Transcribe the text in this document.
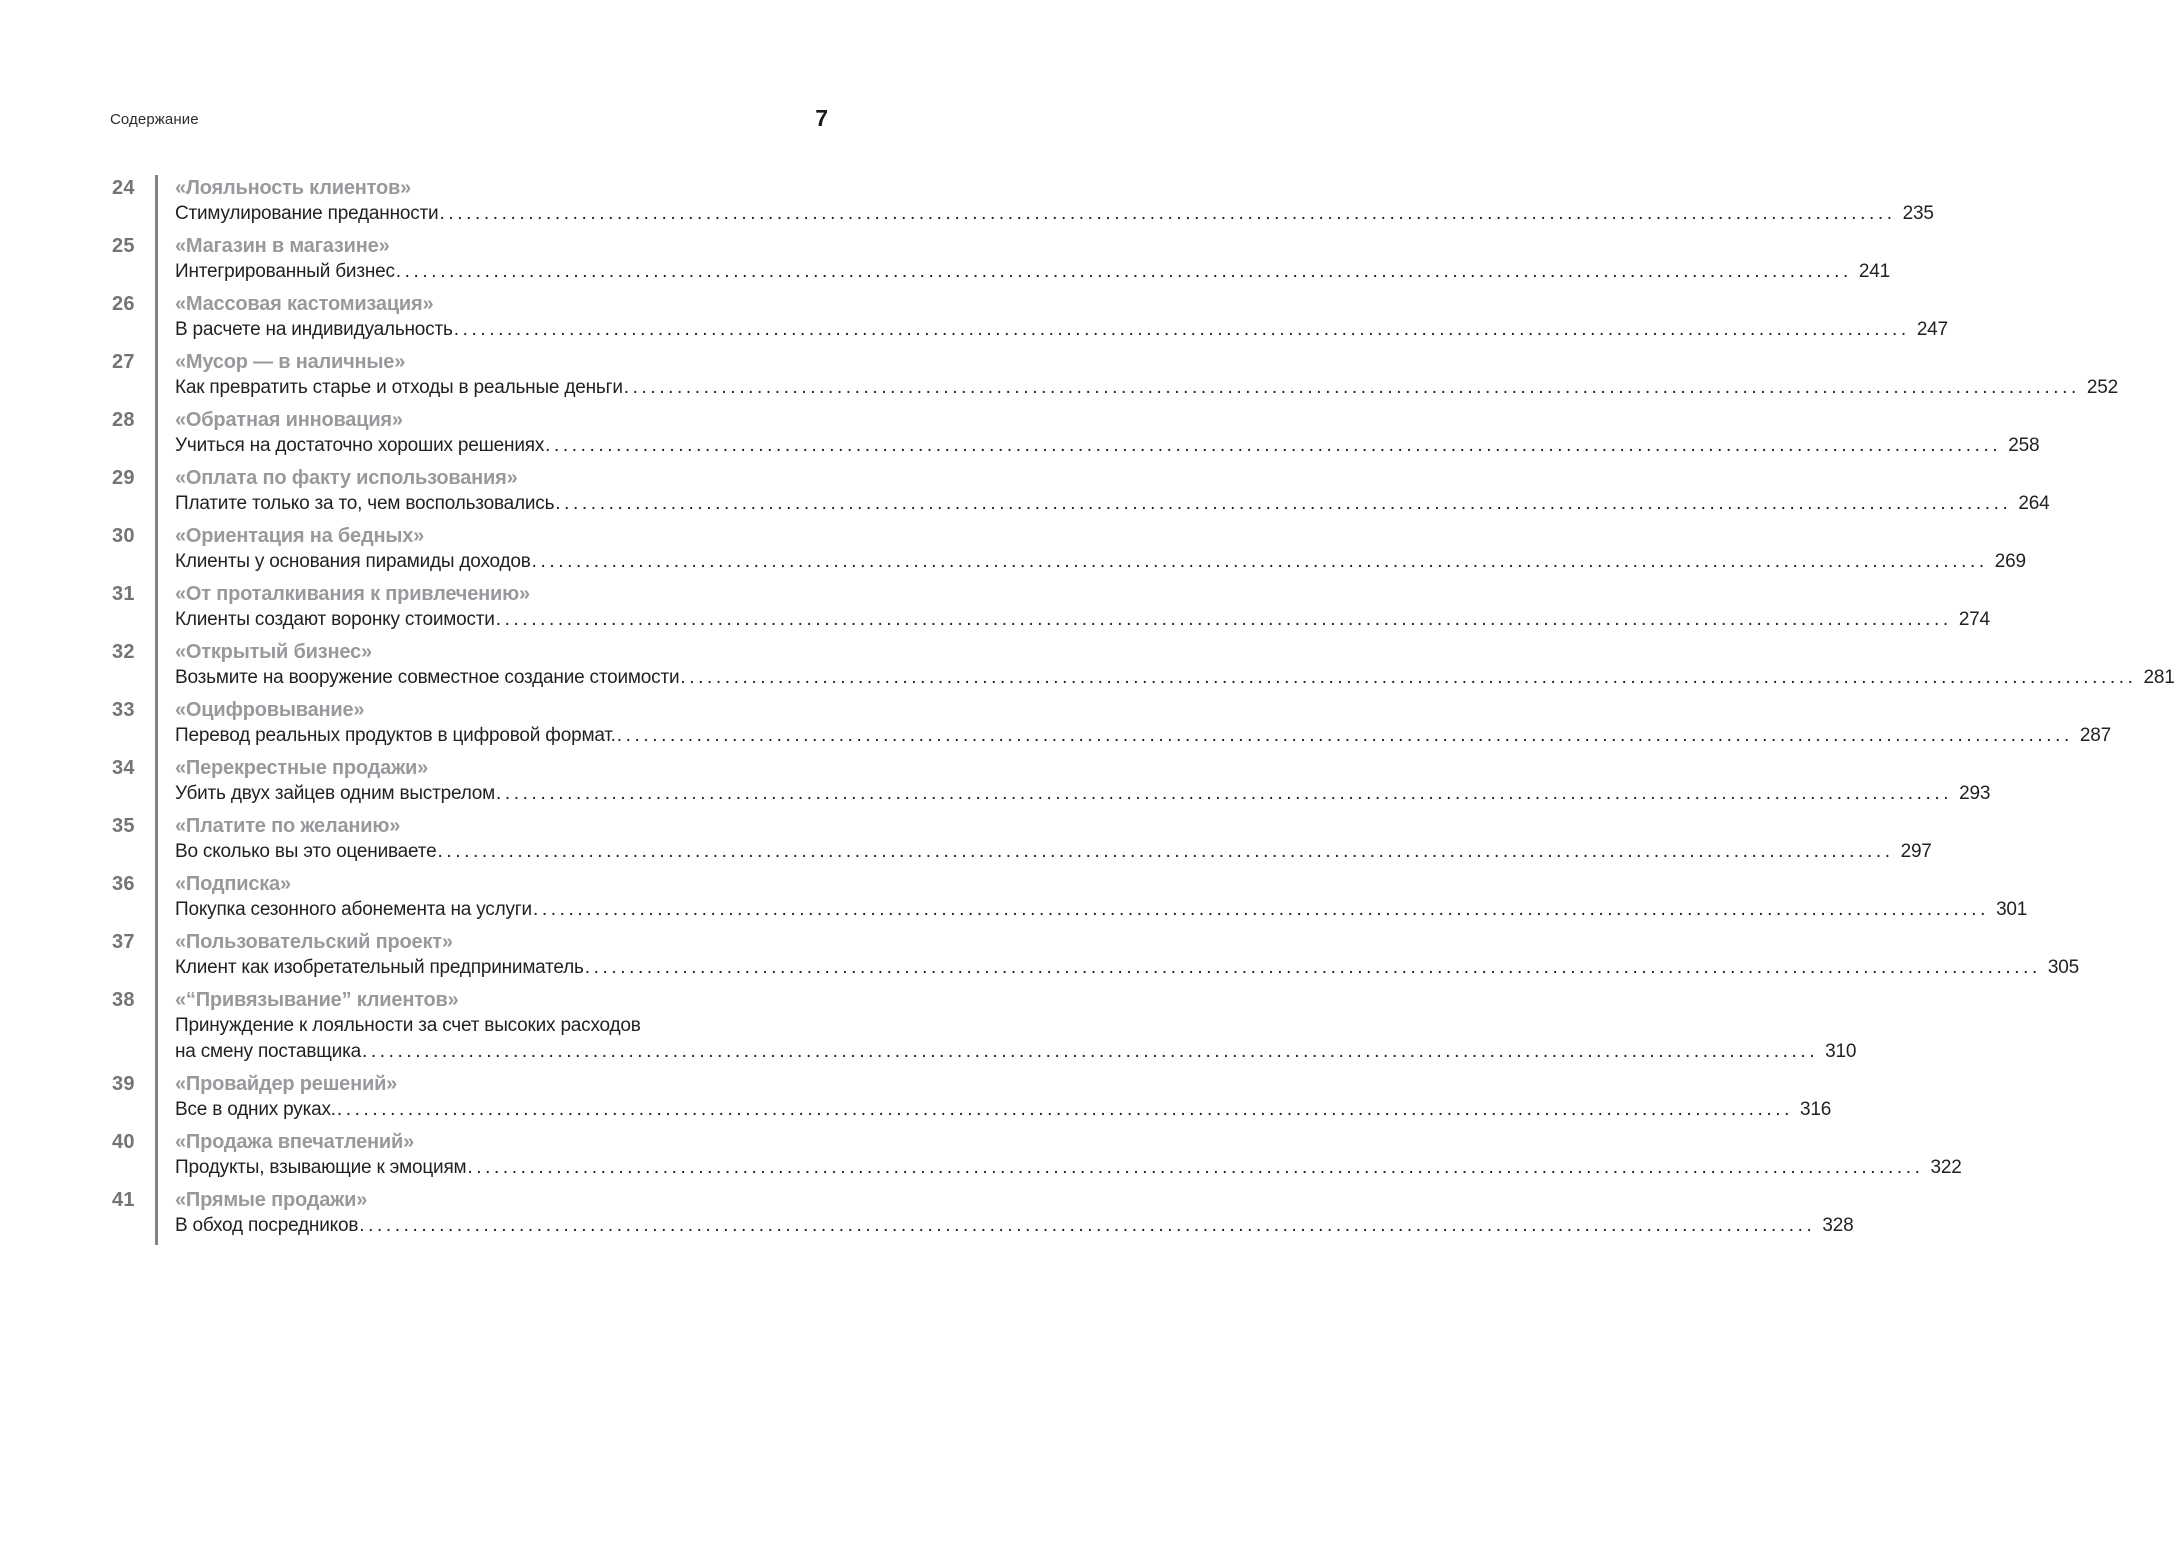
Содержание	7
24	«Лояльность клиентов»
Стимулирование преданности .....	235
25	«Магазин в магазине»
Интегрированный бизнес .....	241
26	«Массовая кастомизация»
В расчете на индивидуальность .....	247
27	«Мусор — в наличные»
Как превратить старье и отходы в реальные деньги .....	252
28	«Обратная инновация»
Учиться на достаточно хороших решениях .....	258
29	«Оплата по факту использования»
Платите только за то, чем воспользовались .....	264
30	«Ориентация на бедных»
Клиенты у основания пирамиды доходов .....	269
31	«От проталкивания к привлечению»
Клиенты создают воронку стоимости .....	274
32	«Открытый бизнес»
Возьмите на вооружение совместное создание стоимости .....	281
33	«Оцифровывание»
Перевод реальных продуктов в цифровой формат. .....	287
34	«Перекрестные продажи»
Убить двух зайцев одним выстрелом .....	293
35	«Платите по желанию»
Во сколько вы это оцениваете .....	297
36	«Подписка»
Покупка сезонного абонемента на услуги .....	301
37	«Пользовательский проект»
Клиент как изобретательный предприниматель .....	305
38	«“Привязывание” клиентов»
Принуждение к лояльности за счет высоких расходов
на смену поставщика .....	310
39	«Провайдер решений»
Все в одних руках. .....	316
40	«Продажа впечатлений»
Продукты, взывающие к эмоциям .....	322
41	«Прямые продажи»
В обход посредников .....	328
